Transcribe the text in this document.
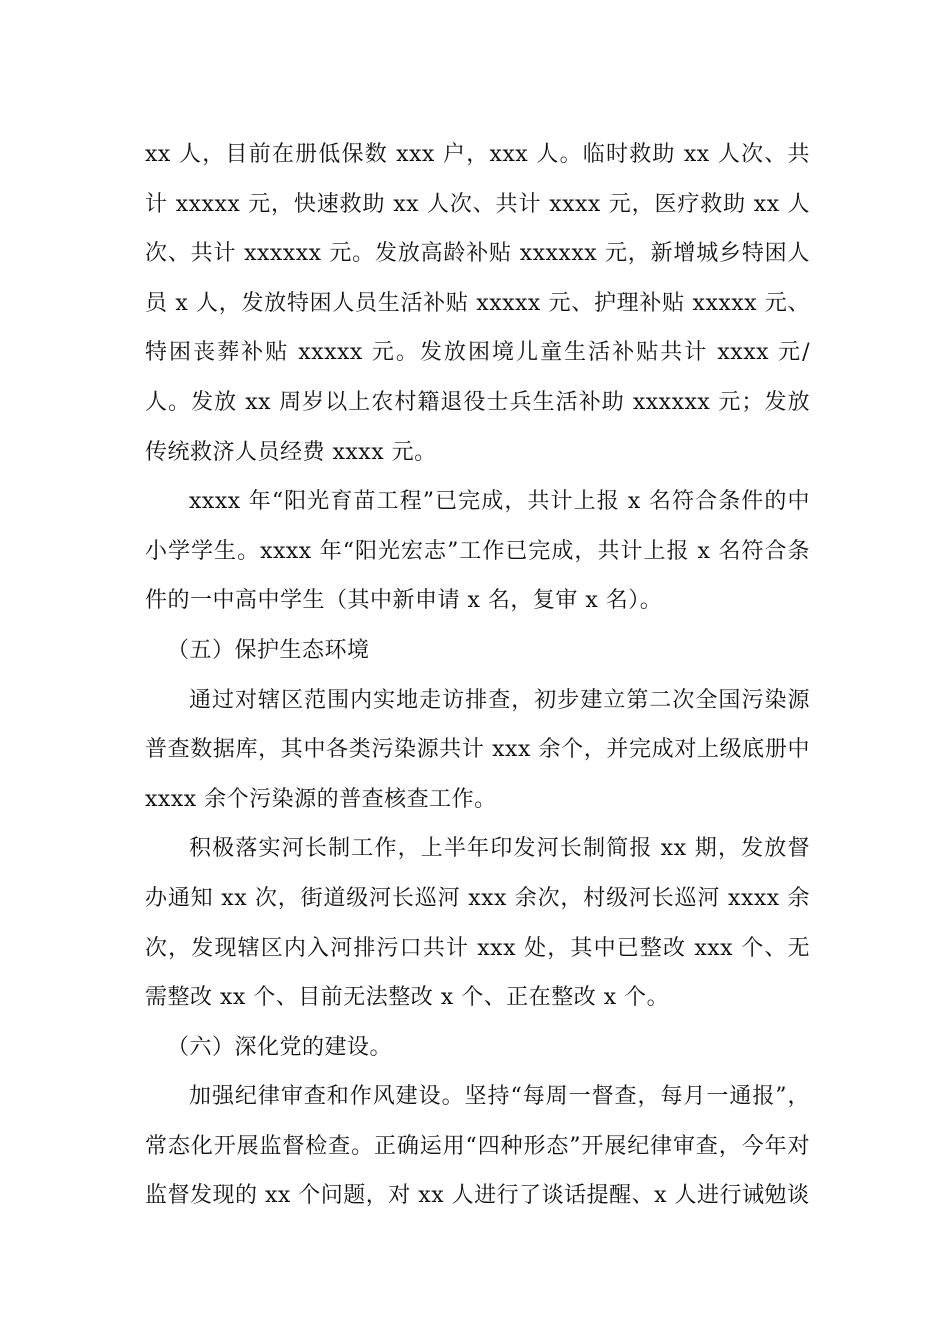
xx 人，目前在册低保数 xxx 户，xxx 人。临时救助 xx 人次、共计 xxxxx 元，快速救助 xx 人次、共计 xxxx 元，医疗救助 xx 人次、共计 xxxxxx 元。发放高龄补贴 xxxxxx 元，新增城乡特困人员 x 人，发放特困人员生活补贴 xxxxx 元、护理补贴 xxxxx 元、特困丧葬补贴 xxxxx 元。发放困境儿童生活补贴共计 xxxx 元/人。发放 xx 周岁以上农村籍退役士兵生活补助 xxxxxx 元；发放传统救济人员经费 xxxx 元。

xxxx 年“阳光育苗工程”已完成，共计上报 x 名符合条件的中小学学生。xxxx 年“阳光宏志”工作已完成，共计上报 x 名符合条件的一中高中学生（其中新申请 x 名，复审 x 名）。

（五）保护生态环境

通过对辖区范围内实地走访排查，初步建立第二次全国污染源普查数据库，其中各类污染源共计 xxx 余个，并完成对上级底册中 xxxx 余个污染源的普查核查工作。

积极落实河长制工作，上半年印发河长制简报 xx 期，发放督办通知 xx 次，街道级河长巡河 xxx 余次，村级河长巡河 xxxx 余次，发现辖区内入河排污口共计 xxx 处，其中已整改 xxx 个、无需整改 xx 个、目前无法整改 x 个、正在整改 x 个。

（六）深化党的建设。

加强纪律审查和作风建设。坚持“每周一督查，每月一通报”，常态化开展监督检查。正确运用“四种形态”开展纪律审查，今年对监督发现的 xx 个问题，对 xx 人进行了谈话提醒、x 人进行诫勉谈
